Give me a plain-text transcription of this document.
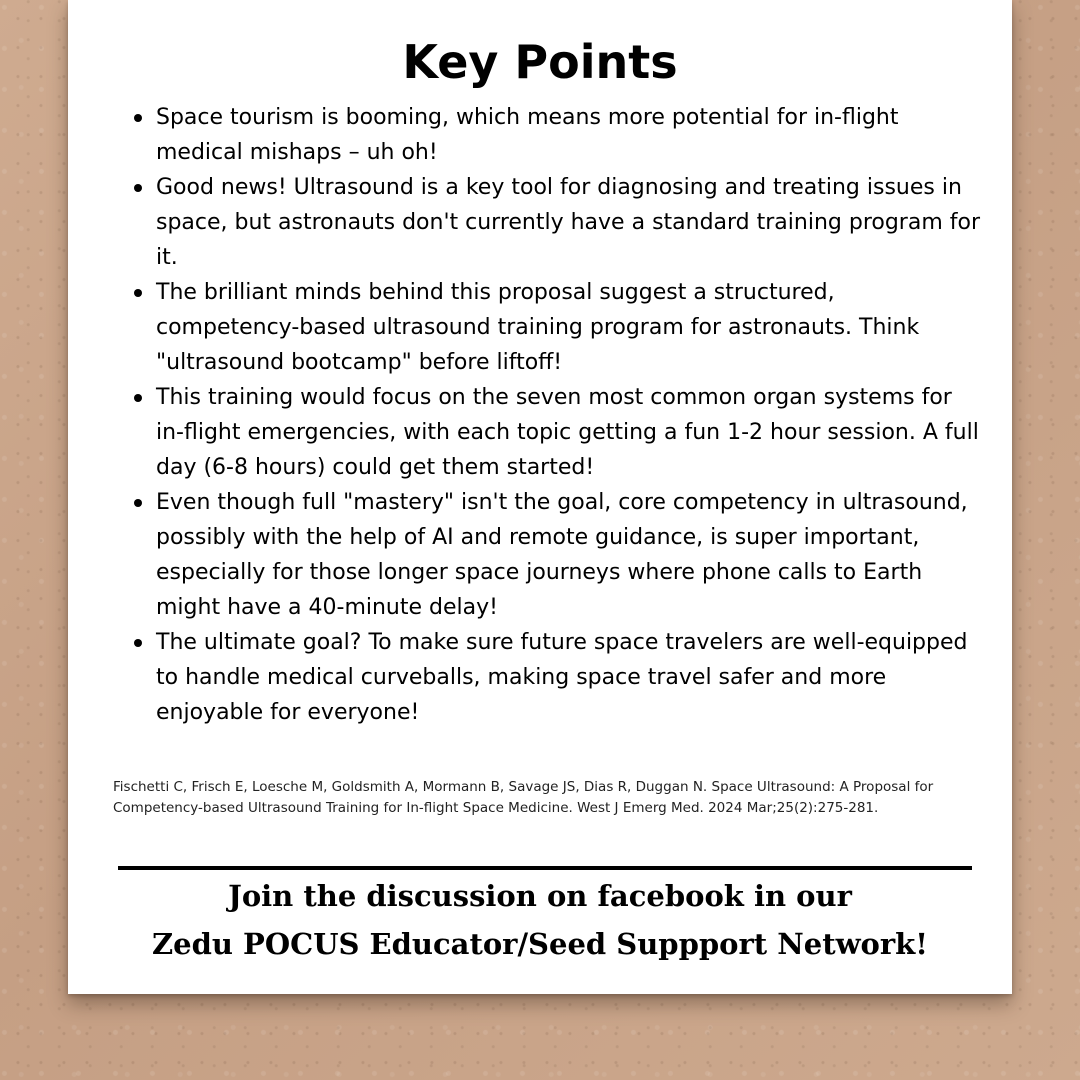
Key Points
Space tourism is booming, which means more potential for in-flight medical mishaps – uh oh!
Good news! Ultrasound is a key tool for diagnosing and treating issues in space, but astronauts don't currently have a standard training program for it.
The brilliant minds behind this proposal suggest a structured, competency-based ultrasound training program for astronauts. Think "ultrasound bootcamp" before liftoff!
This training would focus on the seven most common organ systems for in-flight emergencies, with each topic getting a fun 1-2 hour session. A full day (6-8 hours) could get them started!
Even though full "mastery" isn't the goal, core competency in ultrasound, possibly with the help of AI and remote guidance, is super important, especially for those longer space journeys where phone calls to Earth might have a 40-minute delay!
The ultimate goal? To make sure future space travelers are well-equipped to handle medical curveballs, making space travel safer and more enjoyable for everyone!

Fischetti C, Frisch E, Loesche M, Goldsmith A, Mormann B, Savage JS, Dias R, Duggan N. Space Ultrasound: A Proposal for Competency-based Ultrasound Training for In-flight Space Medicine. West J Emerg Med. 2024 Mar;25(2):275-281.

Join the discussion on facebook in our
Zedu POCUS Educator/Seed Suppport Network!
